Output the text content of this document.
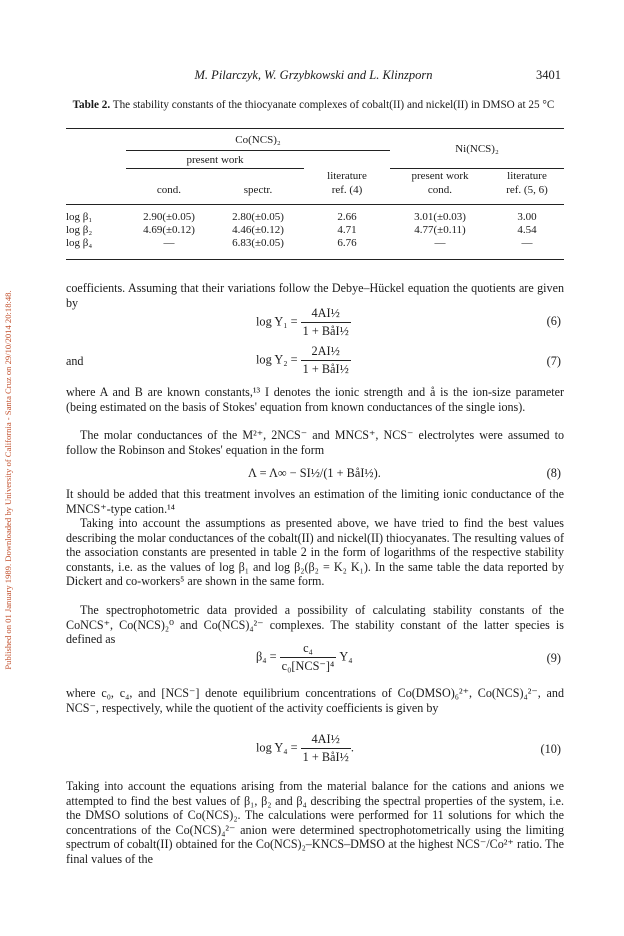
Published on 01 January 1989. Downloaded by University of California - Santa Cruz on 29/10/2014 20:18:48.
M. Pilarczyk, W. Grzybkowski and L. Klinzporn	3401
Table 2. The stability constants of the thiocyanate complexes of cobalt(II) and nickel(II) in DMSO at 25 °C
	Co(NCS)₂			Ni(NCS)₂	
	present work				
			literature	present work	literature
	cond.	spectr.	ref. (4)	cond.	ref. (5, 6)

log β₁	2.90(±0.05)	2.80(±0.05)	2.66	3.01(±0.03)	3.00
log β₂	4.69(±0.12)	4.46(±0.12)	4.71	4.77(±0.11)	4.54
log β₄	—	6.83(±0.05)	6.76	—	—

coefficients. Assuming that their variations follow the Debye–Hückel equation the quotients are given by
$\log Y_1 = \frac{\text{4AI½}}{\text{1 + BåI½}}$	(6)
and	$\log Y_2 = \frac{\text{2AI½}}{\text{1 + BåI½}}$	(7)
where A and B are known constants,¹³ I denotes the ionic strength and å is the ion-size parameter (being estimated on the basis of Stokes' equation from known conductances of the single ions).
The molar conductances of the M²⁺, 2NCS⁻ and MNCS⁺, NCS⁻ electrolytes were assumed to follow the Robinson and Stokes' equation in the form
Λ = Λ∞ − SI½/(1 + BåI½).	(8)
It should be added that this treatment involves an estimation of the limiting ionic conductance of the MNCS⁺-type cation.¹⁴
Taking into account the assumptions as presented above, we have tried to find the best values describing the molar conductances of the cobalt(II) and nickel(II) thiocyanates. The resulting values of the association constants are presented in table 2 in the form of logarithms of the respective stability constants, i.e. as the values of log β₁ and log β₂(β₂ = K₂ K₁). In the same table the data reported by Dickert and co-workers⁵ are shown in the same form.
The spectrophotometric data provided a possibility of calculating stability constants of the CoNCS⁺, Co(NCS)₂⁰ and Co(NCS)₄²⁻ complexes. The stability constant of the latter species is defined as
$\beta_4 = \frac{\text{c₄}}{\text{c₀[NCS⁻]⁴}} Y_4$	(9)
where c₀, c₄, and [NCS⁻] denote equilibrium concentrations of Co(DMSO)₆²⁺, Co(NCS)₄²⁻, and NCS⁻, respectively, while the quotient of the activity coefficients is given by
$\log Y_4 = \frac{\text{4AI½}}{\text{1 + BåI½}}$ .	(10)
Taking into account the equations arising from the material balance for the cations and anions we attempted to find the best values of β₁, β₂ and β₄ describing the spectral properties of the system, i.e. the DMSO solutions of Co(NCS)₂. The calculations were performed for 11 solutions for which the concentrations of the Co(NCS)₄²⁻ anion were determined spectrophotometrically using the limiting spectrum of cobalt(II) obtained for the Co(NCS)₂–KNCS–DMSO at the highest NCS⁻/Co²⁺ ratio. The final values of the
